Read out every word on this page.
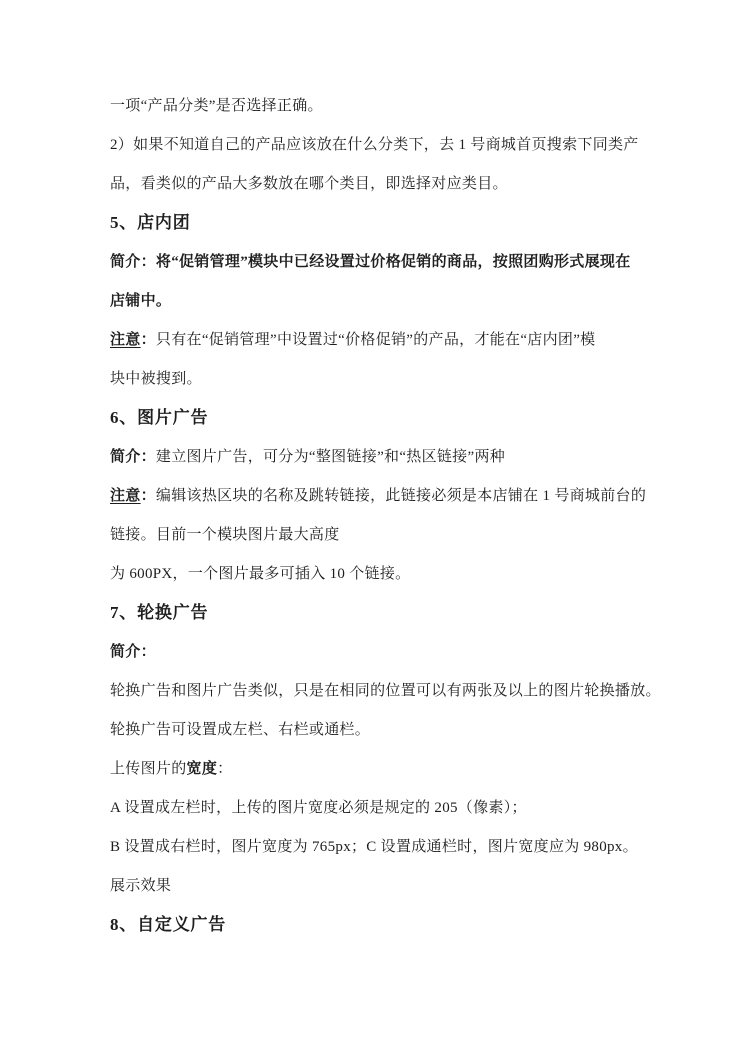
一项“产品分类”是否选择正确。

2）如果不知道自己的产品应该放在什么分类下，去 1 号商城首页搜索下同类产

品，看类似的产品大多数放在哪个类目，即选择对应类目。

5、店内团

简介：将“促销管理”模块中已经设置过价格促销的商品，按照团购形式展现在

店铺中。

注意：只有在“促销管理”中设置过“价格促销”的产品，才能在“店内团”模

块中被搜到。

6、图片广告

简介：建立图片广告，可分为“整图链接”和“热区链接”两种

注意：编辑该热区块的名称及跳转链接，此链接必须是本店铺在 1 号商城前台的

链接。目前一个模块图片最大高度

为 600PX，一个图片最多可插入 10 个链接。

7、轮换广告

简介：

轮换广告和图片广告类似，只是在相同的位置可以有两张及以上的图片轮换播放。

轮换广告可设置成左栏、右栏或通栏。

上传图片的宽度：

A 设置成左栏时，上传的图片宽度必须是规定的 205（像素）；

B 设置成右栏时，图片宽度为 765px；C 设置成通栏时，图片宽度应为 980px。

展示效果

8、自定义广告
